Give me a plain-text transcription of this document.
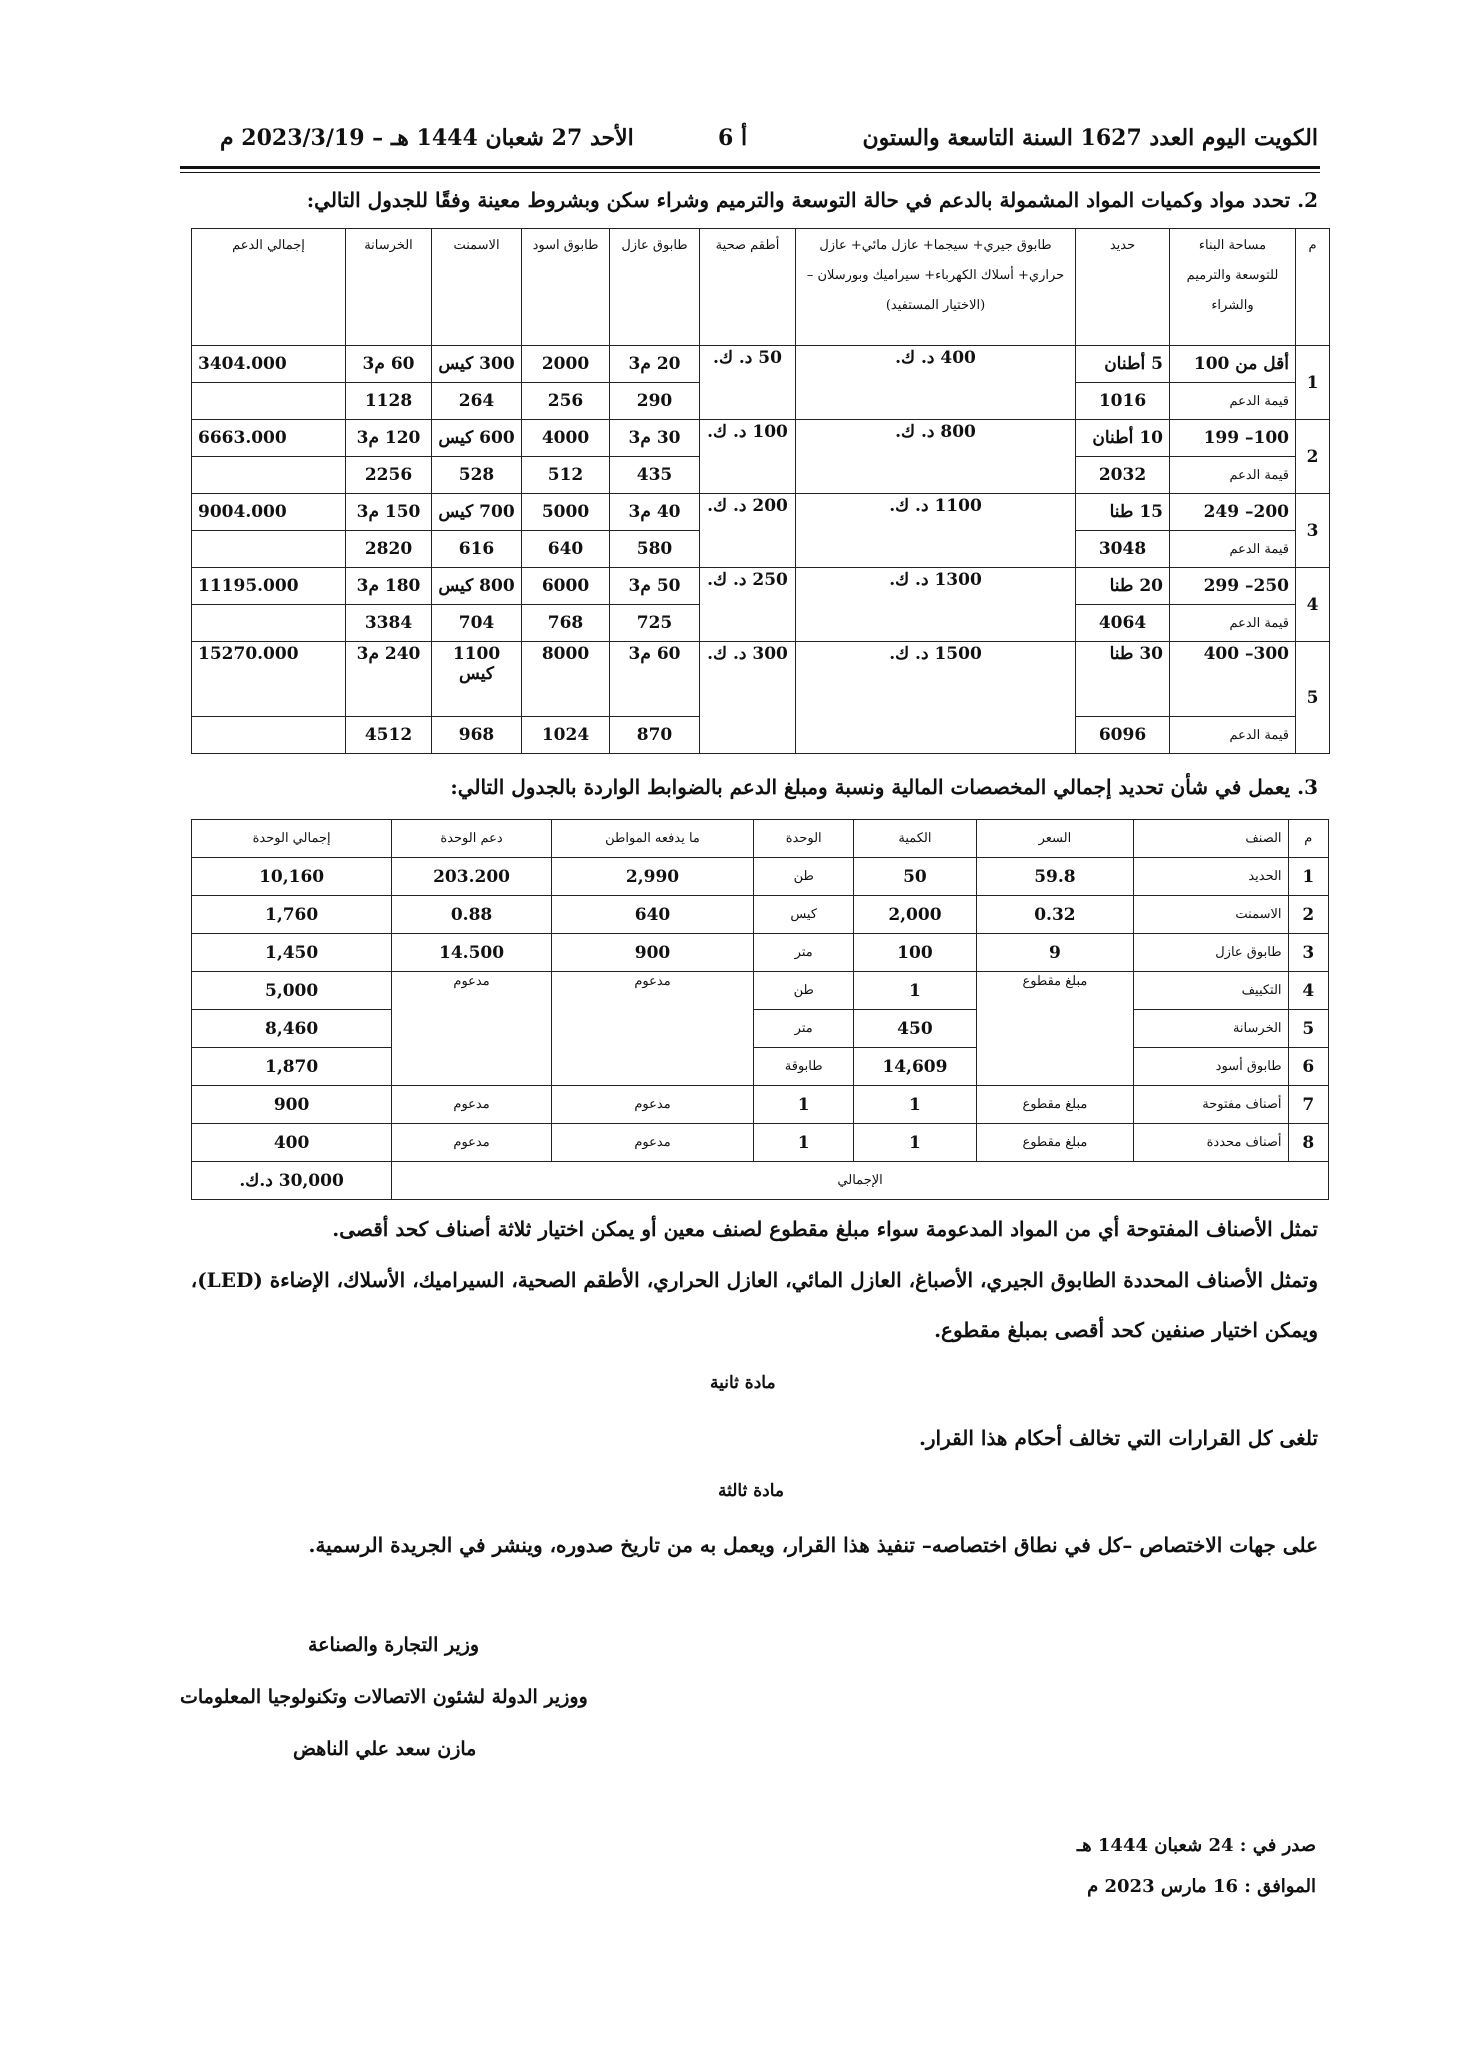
الكويت اليوم العدد 1627 السنة التاسعة والستون
أ 6
الأحد 27 شعبان 1444 هـ – 2023/3/19 م
2. تحدد مواد وكميات المواد المشمولة بالدعم في حالة التوسعة والترميم وشراء سكن وبشروط معينة وفقًا للجدول التالي:
م	مساحة البناء للتوسعة والترميم والشراء	حديد	طابوق جيري+ سيجما+ عازل مائي+ عازل حراري+ أسلاك الكهرباء+ سيراميك وبورسلان – (الاختيار المستفيد)	أطقم صحية	طابوق عازل	طابوق اسود	الاسمنت	الخرسانة	إجمالي الدعم
1	أقل من 100	5 أطنان	400 د. ك.	50 د. ك.	20 م3	2000	300 كيس	60 م3	3404.000
	قيمة الدعم	1016			290	256	264	1128	
2	100– 199	10 أطنان	800 د. ك.	100 د. ك.	30 م3	4000	600 كيس	120 م3	6663.000
	قيمة الدعم	2032			435	512	528	2256	
3	200– 249	15 طنا	1100 د. ك.	200 د. ك.	40 م3	5000	700 كيس	150 م3	9004.000
	قيمة الدعم	3048			580	640	616	2820	
4	250– 299	20 طنا	1300 د. ك.	250 د. ك.	50 م3	6000	800 كيس	180 م3	11195.000
	قيمة الدعم	4064			725	768	704	3384	
5	300– 400	30 طنا	1500 د. ك.	300 د. ك.	60 م3	8000	1100 كيس	240 م3	15270.000
	قيمة الدعم	6096			870	1024	968	4512	
3. يعمل في شأن تحديد إجمالي المخصصات المالية ونسبة ومبلغ الدعم بالضوابط الواردة بالجدول التالي:
م	الصنف	السعر	الكمية	الوحدة	ما يدفعه المواطن	دعم الوحدة	إجمالي الوحدة
1	الحديد	59.8	50	طن	2,990	203.200	10,160
2	الاسمنت	0.32	2,000	كيس	640	0.88	1,760
3	طابوق عازل	9	100	متر	900	14.500	1,450
4	التكييف	مبلغ مقطوع	1	طن	مدعوم	مدعوم	5,000
5	الخرسانة		450	متر			8,460
6	طابوق أسود		14,609	طابوقة			1,870
7	أصناف مفتوحة	مبلغ مقطوع	1	1	مدعوم	مدعوم	900
8	أصناف محددة	مبلغ مقطوع	1	1	مدعوم	مدعوم	400
الإجمالي							30,000 د.ك.
تمثل الأصناف المفتوحة أي من المواد المدعومة سواء مبلغ مقطوع لصنف معين أو يمكن اختيار ثلاثة أصناف كحد أقصى.
وتمثل الأصناف المحددة الطابوق الجيري، الأصباغ، العازل المائي، العازل الحراري، الأطقم الصحية، السيراميك، الأسلاك، الإضاءة (LED)،
ويمكن اختيار صنفين كحد أقصى بمبلغ مقطوع.
مادة ثانية
تلغى كل القرارات التي تخالف أحكام هذا القرار.
مادة ثالثة
على جهات الاختصاص –كل في نطاق اختصاصه– تنفيذ هذا القرار، ويعمل به من تاريخ صدوره، وينشر في الجريدة الرسمية.
وزير التجارة والصناعة
ووزير الدولة لشئون الاتصالات وتكنولوجيا المعلومات
مازن سعد علي الناهض
صدر في : 24 شعبان 1444 هـ
الموافق : 16 مارس 2023 م
